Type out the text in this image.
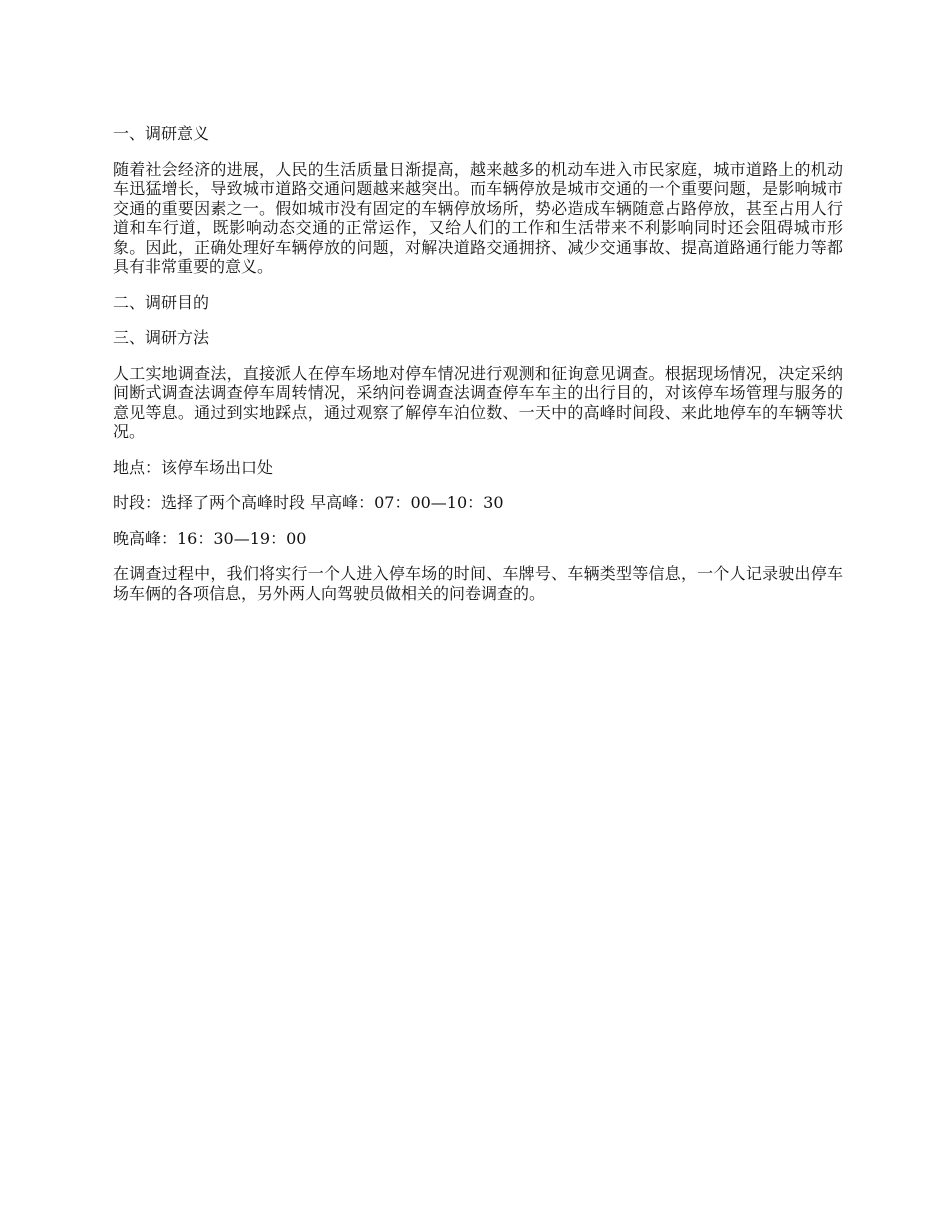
一、调研意义

随着社会经济的进展，人民的生活质量日渐提高，越来越多的机动车进入市民家庭，城市道路上的机动车迅猛增长，导致城市道路交通问题越来越突出。而车辆停放是城市交通的一个重要问题，是影响城市交通的重要因素之一。假如城市没有固定的车辆停放场所，势必造成车辆随意占路停放，甚至占用人行道和车行道，既影响动态交通的正常运作，又给人们的工作和生活带来不利影响同时还会阻碍城市形象。因此，正确处理好车辆停放的问题，对解决道路交通拥挤、减少交通事故、提高道路通行能力等都具有非常重要的意义。

二、调研目的

三、调研方法

人工实地调查法，直接派人在停车场地对停车情况进行观测和征询意见调查。根据现场情况，决定采纳间断式调查法调查停车周转情况，采纳问卷调查法调查停车车主的出行目的，对该停车场管理与服务的意见等息。通过到实地踩点，通过观察了解停车泊位数、一天中的高峰时间段、来此地停车的车辆等状况。

地点：该停车场出口处

时段：选择了两个高峰时段 早高峰：07：00—10：30

晚高峰：16：30—19：00

在调查过程中，我们将实行一个人进入停车场的时间、车牌号、车辆类型等信息，一个人记录驶出停车场车俩的各项信息，另外两人向驾驶员做相关的问卷调查的。
